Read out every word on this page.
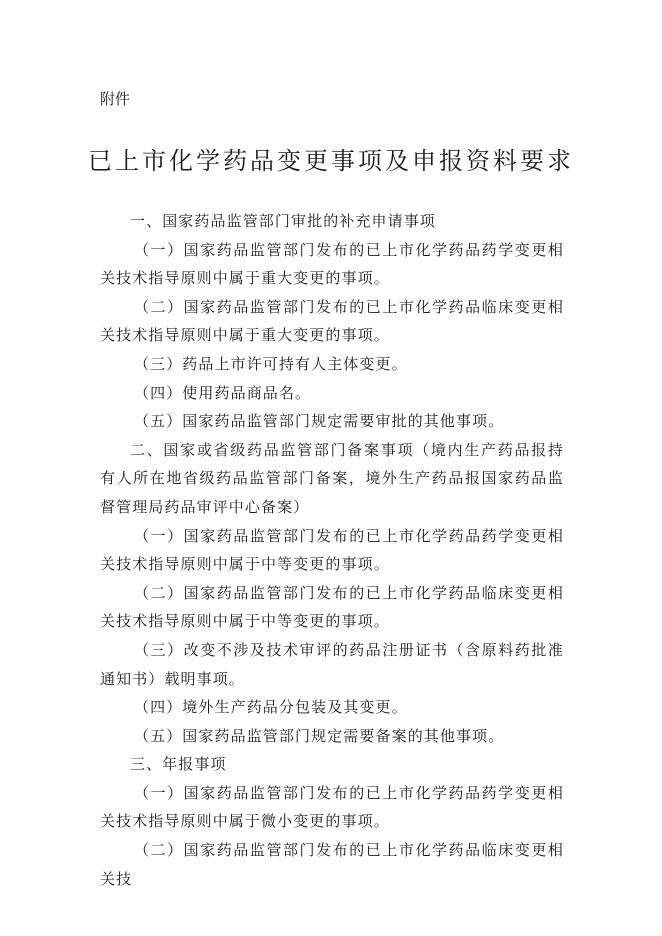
附件
已上市化学药品变更事项及申报资料要求

一、国家药品监管部门审批的补充申请事项

（一）国家药品监管部门发布的已上市化学药品药学变更相关技术指导原则中属于重大变更的事项。

（二）国家药品监管部门发布的已上市化学药品临床变更相关技术指导原则中属于重大变更的事项。

（三）药品上市许可持有人主体变更。

（四）使用药品商品名。

（五）国家药品监管部门规定需要审批的其他事项。

二、国家或省级药品监管部门备案事项（境内生产药品报持有人所在地省级药品监管部门备案，境外生产药品报国家药品监督管理局药品审评中心备案）

（一）国家药品监管部门发布的已上市化学药品药学变更相关技术指导原则中属于中等变更的事项。

（二）国家药品监管部门发布的已上市化学药品临床变更相关技术指导原则中属于中等变更的事项。

（三）改变不涉及技术审评的药品注册证书（含原料药批准通知书）载明事项。

（四）境外生产药品分包装及其变更。

（五）国家药品监管部门规定需要备案的其他事项。

三、年报事项

（一）国家药品监管部门发布的已上市化学药品药学变更相关技术指导原则中属于微小变更的事项。

（二）国家药品监管部门发布的已上市化学药品临床变更相关技
